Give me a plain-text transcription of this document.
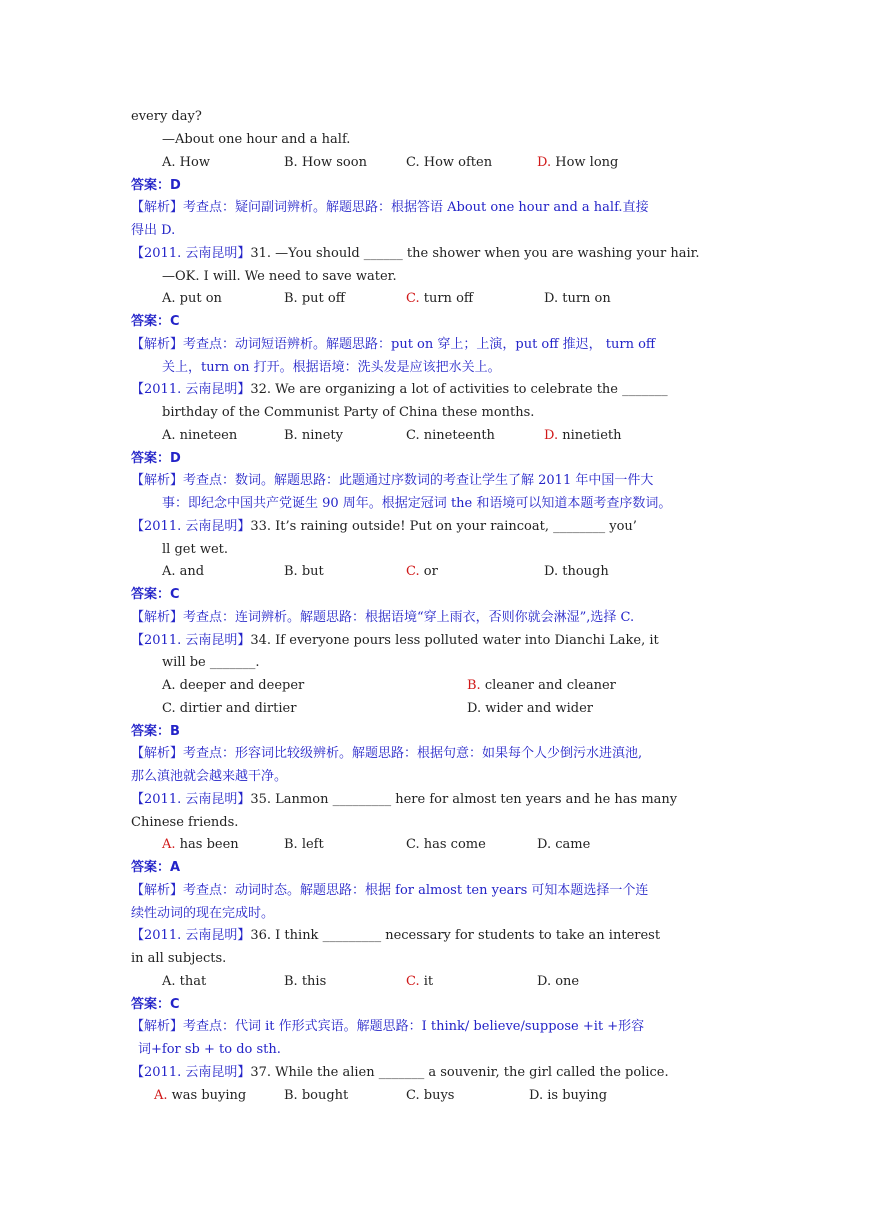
every day?
—About one hour and a half.
A. How	B. How soon	C. How often	D. How long
答案：D
【解析】考查点：疑问副词辨析。解题思路：根据答语 About one hour and a half.直接
得出 D.
【2011. 云南昆明】31. —You should ______ the shower when you are washing your hair.
—OK. I will. We need to save water.
A. put on	B. put off	C. turn off	D. turn on
答案：C
【解析】考查点：动词短语辨析。解题思路：put on 穿上；上演，put off 推迟， turn off
关上，turn on 打开。根据语境：洗头发是应该把水关上。
【2011. 云南昆明】32. We are organizing a lot of activities to celebrate the _______
birthday of the Communist Party of China these months.
A. nineteen	B. ninety	C. nineteenth	D. ninetieth
答案：D
【解析】考查点：数词。解题思路：此题通过序数词的考查让学生了解 2011 年中国一件大
事：即纪念中国共产党诞生 90 周年。根据定冠词 the 和语境可以知道本题考查序数词。
【2011. 云南昆明】33. It’s raining outside! Put on your raincoat, ________ you’
ll get wet.
A. and	B. but	C. or	D. though
答案：C
【解析】考查点：连词辨析。解题思路：根据语境“穿上雨衣，否则你就会淋湿”,选择 C.
【2011. 云南昆明】34. If everyone pours less polluted water into Dianchi Lake, it
will be _______.
A. deeper and deeper	B. cleaner and cleaner
C. dirtier and dirtier	D. wider and wider
答案：B
【解析】考查点：形容词比较级辨析。解题思路：根据句意：如果每个人少倒污水进滇池,
那么滇池就会越来越干净。
【2011. 云南昆明】35. Lanmon _________ here for almost ten years and he has many
Chinese friends.
A. has been	B. left	C. has come	D. came
答案：A
【解析】考查点：动词时态。解题思路：根据 for almost ten years 可知本题选择一个连
续性动词的现在完成时。
【2011. 云南昆明】36. I think _________ necessary for students to take an interest
in all subjects.
A. that	B. this	C. it	D. one
答案：C
【解析】考查点：代词 it 作形式宾语。解题思路：I think/ believe/suppose +it +形容
词+for sb + to do sth.
【2011. 云南昆明】37. While the alien _______ a souvenir, the girl called the police.
A. was buying	B. bought	C. buys	D. is buying
